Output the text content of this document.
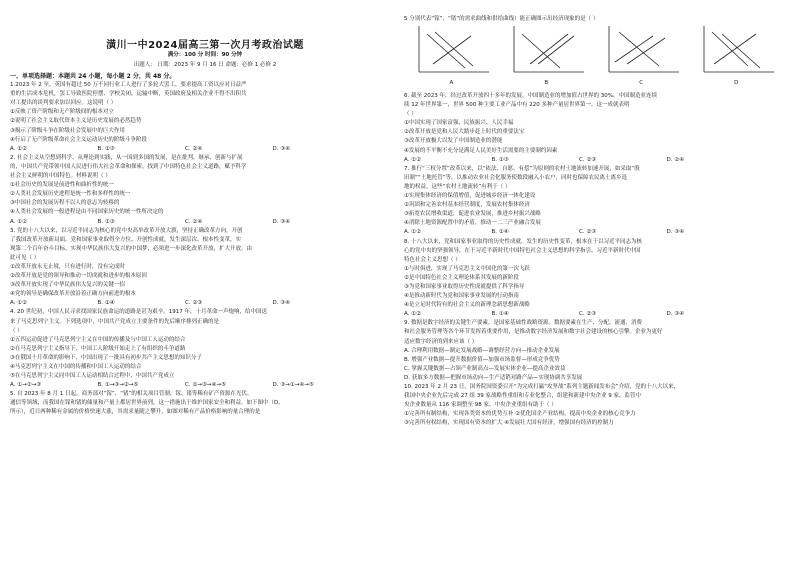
5 分别代表“镓”、“锗”的需求曲线和供给曲线）能正确图示出经济现象的是（ ）
A	B	C	D
潢川一中2024届高三第一次月考政治试题
满分：100 分 时间：90 分钟
出题人： 日期：2023 年 9 月 16 日 命题：必修 1 必修 2
一、单项选择题：本题共 24 小题，每小题 2 分，共 48 分。

1.2023 年 2 至，英国有超过 50 万不同行业工人进行了多轮大罢工，要求提高工资以应对日益严

重的生活成本危机，罢工导致医院停摆、学校关闭，运输中断，英国政府及相关企业不得不出积共

对工提出的谈判要求加以回应。这说明（ ）

①反映了资产阶级和无产阶级间的根本对立

②说明了社会主义取代资本主义是历史发展的必然趋势

③揭示了阶级斗争在阶级社会发展中的巨大作用

④行启了无产阶级革命社会主义运动历史的阶级斗争阶段

A. ①②	B. ①③	C. ②④	D. ③④

2. 社会主义从空想到科学、从理论到实践，从一国到多国的发展，是在批判、继承、创新与扩展

的，中国共产党带领中国人民进行伟大社会革命和探索，找到了中国特色社会主义道路，赋予科学

社会主义鲜明的中国特色。材料说明（ ）

①社会历史的发展是前进性和曲折性的统一

②人类社会发展历史进程是统一性和多样性的统一

③中国社会的发展历程不以人的意志为转移的

④人类社会发展的一般进程是由不同国家历史的统一性所决定的

A. ①②	B. ①③	C. ②④	D. ③④

3. 党的十八大以来，以习近平同志为核心的党中央高举改革开放大旗，坚持正确改革方向，开创

了我国改革开放新局面，党和国家事业取得全方位、开创性成就，发生深层次、根本性变革，实

现第二个百年奋斗目标、实现中华民族伟大复兴的中国梦，必须进一步深化改革开放，扩大开放。由

此可见（ ）

①改革开放永无止境，只有进行时，没有完成时

②改革开放是党的领导和推动一切成就和进步的根本原因

③改革开放实现了中华民族伟大复兴的关键一招

④党的领导是确保改革开放沿着正确方向前进的根本

A. ①②	B. ①④	C. ②③	D. ③④

4. 20 世纪初，中国人民寻求找国家民族命运的道路是甚为艰辛。1917 年，十月革命一声炮响，给中国送

来了马克思列宁主义。下列选项中，中国共产党成立主要条件的先后顺序排列正确的是

（ ）

①五四运动促进了马克思列宁主义在中国的传播及与中国工人运动的结合

②在马克思列宁主义指导下，中国工人阶级开始走上了有组织的斗争道路

③在俄国十月革命的影响下，中国出现了一批具有初步共产主义思想的知识分子

④马克思列宁主义在中国的传播和中国工人运动的结合

⑤在马克思列宁主义同中国工人运动相结合过程中，中国共产党成立

A. ①→②→③	B. ①→③→②→⑤	C. ①→③→④→⑤	D. ③→①→④→⑤

5. 自 2023 年 8 月 1 日起，商务部对“镓”、“锗”的相关项目管制，镓、锗等稀有矿产资源在光伏、

通信等领域，而我国在镓和锗的储量和产量上都居世界前列，这一措施出于维护国家安全和利益。如下图中（D、

所示），近日两种稀有金属的价格快速大涨，其需求量随之攀升，如图对稀有产品价格影响的量合理的是

6. 截至 2023 年，经过改革开放四十多年的发展，中国制造业的增加值占世界的 30%，中国制造业连续

续 12 年世界第一，世界 500 种主要工业产品中有 220 多种产量居世界第一。这一成就表明

（ ）

①中国实现了国家富强、民族振兴、人民幸福

②改革开放是党和人民大踏步赶上时代的重要法宝

③改革开放极大以发了中国制造业的潜能

④发展的不平衡不充分是满足人民美好生活需要的主要制约因素

A. ①②	B. ①③	C. ②③	D. ②④

7. 推行“三权分置”改革以来，以“依法、自愿、有偿”为原则的农村土地流转加速开展，如采取“股

田制”“土地托管”等，以推动农业社会化服务使数段融入小农户，同时也保障农民离土离乡退

地的权益。这些“农村土地流转”有利于（ ）

①实现集体经济的保值增值，促进城乡经济一体化建设

②巩固和完善农村基本经营制度，发展农村集体经济

③拓宽农民增收渠道，促进农业发展，推进乡村振兴战略

④消除土地资源配置中的矛盾，推动一二三产业融合发展

A. ①②	B. ①④	C. ②③	D. ③④

8. 十八大以来，党和国家事业取得的历史性成就，发生的历史性变革，根本在于以习近平同志为核

心的党中央的坚强领导，在于习近平新时代中国特色社会主义思想的科学指引。习近平新时代中国

特色社会主义思想（ ）

①与时俱进，实现了马克思主义中国化的第一次飞跃

②是中国特色社会主义理论体系其发展的新阶段

③为党和国家事业取得历史性成就提供了科学指导

④是推动新时代为党和国家事业发展的行动指南

④是立足时代特有的社会主义的新理念新思想新战略

A. ①②	B. ①④	C. ②③	D. ③④

9. 数据是数字经济的关键生产要素，是国家基础性战略资源。数据要素在生产、分配、流通、消费

和社会服务管理等各个环节发挥着重要作用，是推动数字经济发展和数字社会建设的核心引擎。企业为更好

适应数字经济的到来应该（ ）

A. 合理利用数据—制定发展战略—调整经营方向—推动企业发展

B. 增强产业数据—提升数据价值—加强市场监督—形成竞争优势

C. 掌握关键数据—占领产业制高点—发展实体企业—提高企业效益

D. 获取多方数据—把握市场动向—生产适销对路产品—实现协调共享发展

10. 2023 年 2 月 23 日，国务院国资委召开“为完成打赢“攻坚战”系列主题新闻发布会”介绍，党的十八大以来，

我国中央企业先后完成 27 组 39 家战略性重组和专业化整合，组建和新建中央企业 9 家，监管中

央企业数量从 116 家调整至 98 家，中央企业重组有助于（ ）

①完善所有制结构，实现各类资本的优势互补 ②优化国企产业结构，提高中央企业的核心竞争力

③完善所有权结构，实现国有资本的扩大 ④发展壮大国有经济，增强国有经济的控制力
